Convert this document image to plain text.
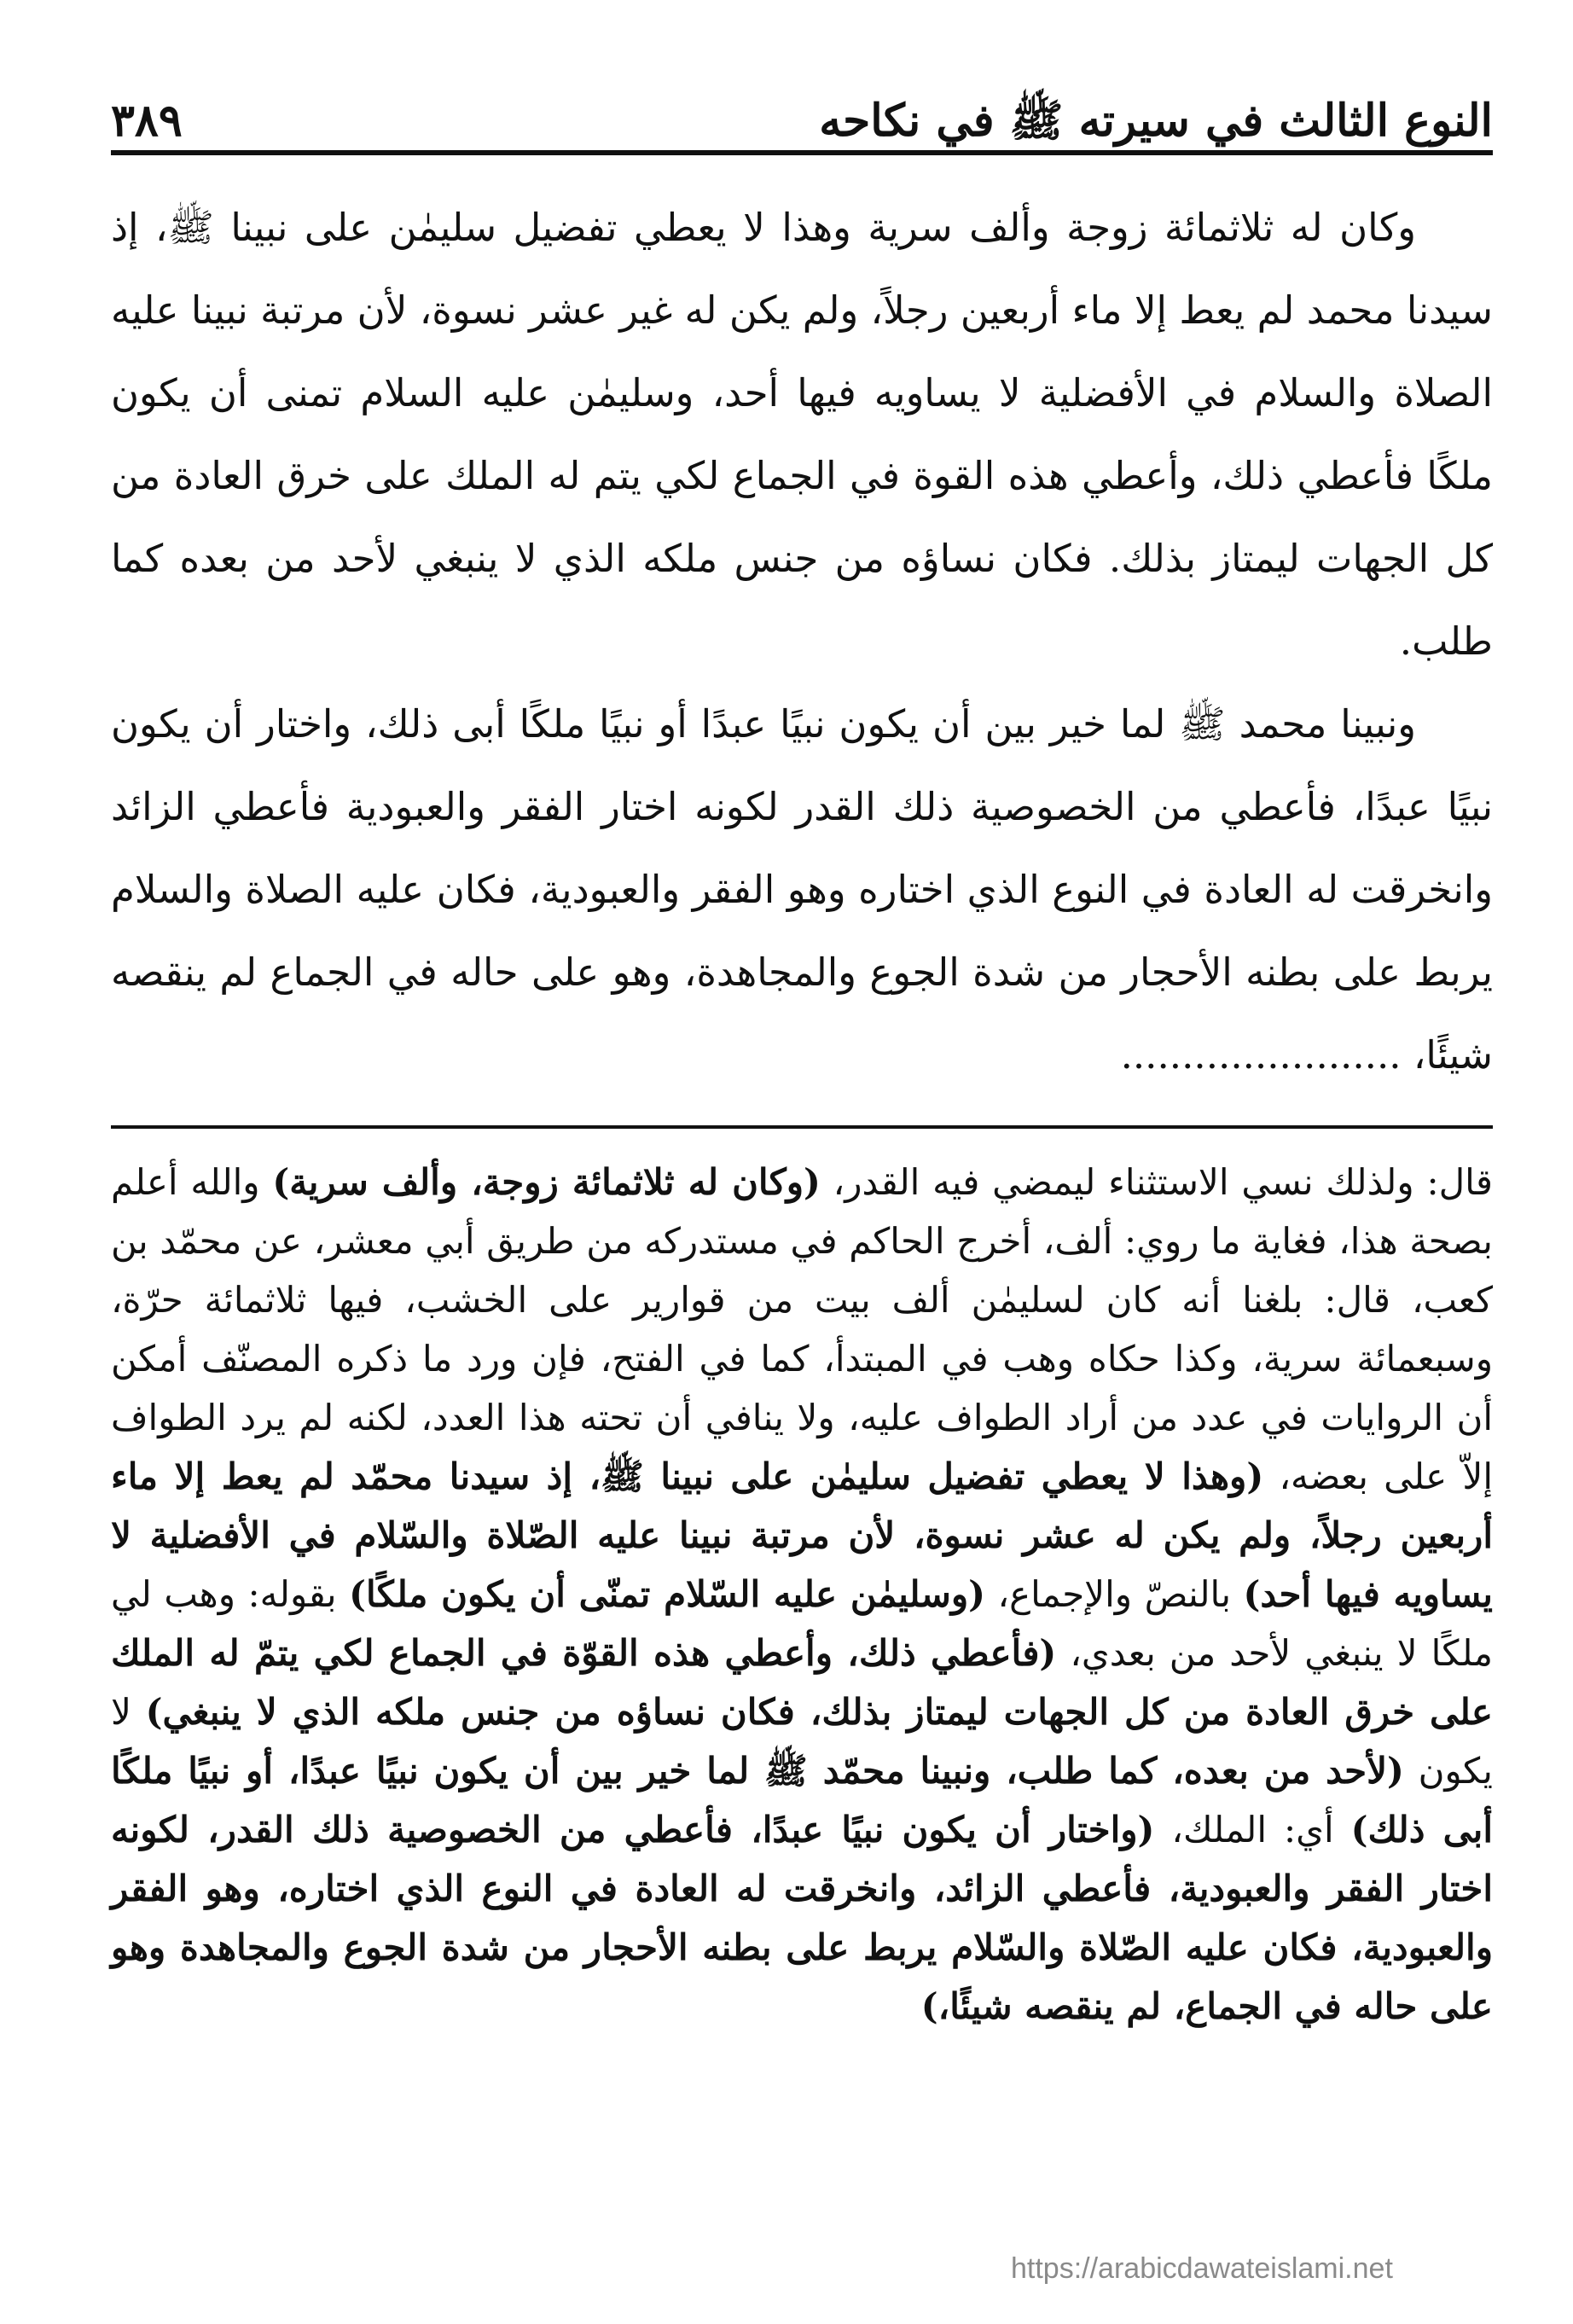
النوع الثالث في سيرته ﷺ في نكاحه
٣٨٩

وكان له ثلاثمائة زوجة وألف سرية وهذا لا يعطي تفضيل سليمٰن على نبينا ﷺ، إذ سيدنا محمد لم يعط إلا ماء أربعين رجلاً، ولم يكن له غير عشر نسوة، لأن مرتبة نبينا عليه الصلاة والسلام في الأفضلية لا يساويه فيها أحد، وسليمٰن عليه السلام تمنى أن يكون ملكًا فأعطي ذلك، وأعطي هذه القوة في الجماع لكي يتم له الملك على خرق العادة من كل الجهات ليمتاز بذلك. فكان نساؤه من جنس ملكه الذي لا ينبغي لأحد من بعده كما طلب.

ونبينا محمد ﷺ لما خير بين أن يكون نبيًا عبدًا أو نبيًا ملكًا أبى ذلك، واختار أن يكون نبيًا عبدًا، فأعطي من الخصوصية ذلك القدر لكونه اختار الفقر والعبودية فأعطي الزائد وانخرقت له العادة في النوع الذي اختاره وهو الفقر والعبودية، فكان عليه الصلاة والسلام يربط على بطنه الأحجار من شدة الجوع والمجاهدة، وهو على حاله في الجماع لم ينقصه شيئًا، .......................

قال: ولذلك نسي الاستثناء ليمضي فيه القدر، (وكان له ثلاثمائة زوجة، وألف سرية) والله أعلم بصحة هذا، فغاية ما روي: ألف، أخرج الحاكم في مستدركه من طريق أبي معشر، عن محمّد بن كعب، قال: بلغنا أنه كان لسليمٰن ألف بيت من قوارير على الخشب، فيها ثلاثمائة حرّة، وسبعمائة سرية، وكذا حكاه وهب في المبتدأ، كما في الفتح، فإن ورد ما ذكره المصنّف أمكن أن الروايات في عدد من أراد الطواف عليه، ولا ينافي أن تحته هذا العدد، لكنه لم يرد الطواف إلاّ على بعضه، (وهذا لا يعطي تفضيل سليمٰن على نبينا ﷺ، إذ سيدنا محمّد لم يعط إلا ماء أربعين رجلاً، ولم يكن له عشر نسوة، لأن مرتبة نبينا عليه الصّلاة والسّلام في الأفضلية لا يساويه فيها أحد) بالنصّ والإجماع، (وسليمٰن عليه السّلام تمنّى أن يكون ملكًا) بقوله: وهب لي ملكًا لا ينبغي لأحد من بعدي، (فأعطي ذلك، وأعطي هذه القوّة في الجماع لكي يتمّ له الملك على خرق العادة من كل الجهات ليمتاز بذلك، فكان نساؤه من جنس ملكه الذي لا ينبغي) لا يكون (لأحد من بعده، كما طلب، ونبينا محمّد ﷺ لما خير بين أن يكون نبيًا عبدًا، أو نبيًا ملكًا أبى ذلك) أي: الملك، (واختار أن يكون نبيًا عبدًا، فأعطي من الخصوصية ذلك القدر، لكونه اختار الفقر والعبودية، فأعطي الزائد، وانخرقت له العادة في النوع الذي اختاره، وهو الفقر والعبودية، فكان عليه الصّلاة والسّلام يربط على بطنه الأحجار من شدة الجوع والمجاهدة وهو على حاله في الجماع، لم ينقصه شيئًا،)

https://arabicdawateislami.net
